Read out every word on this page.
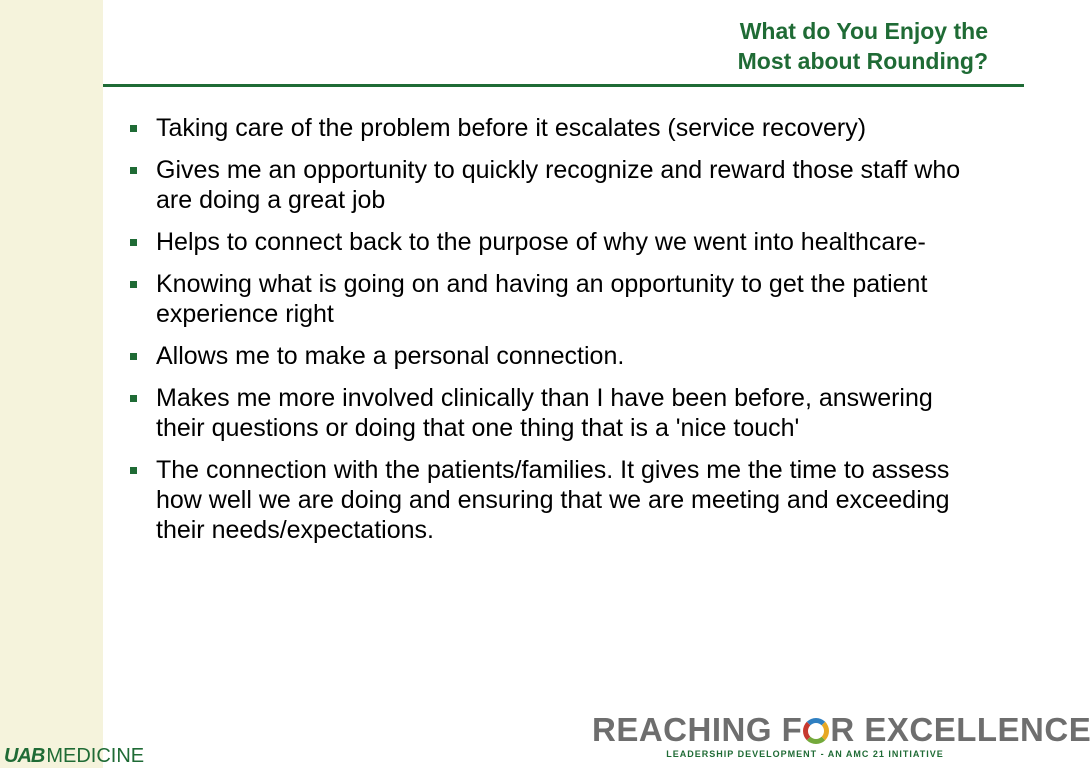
What do You Enjoy the
Most about Rounding?
Taking care of the problem before it escalates (service recovery)
Gives me an opportunity to quickly recognize and reward those staff who are doing a great job
Helps to connect back to the purpose of why we went into healthcare-
Knowing what is going on and having an opportunity to get the patient experience right
Allows me to make a personal connection.
Makes me more involved clinically than I have been before, answering their questions or doing that one thing that is a 'nice touch'
The connection with the patients/families. It gives me the time to assess how well we are doing and ensuring that we are meeting and exceeding their needs/expectations.
REACHING F R EXCELLENCE
LEADERSHIP DEVELOPMENT - AN AMC 21 INITIATIVE
UAB MEDICINE
